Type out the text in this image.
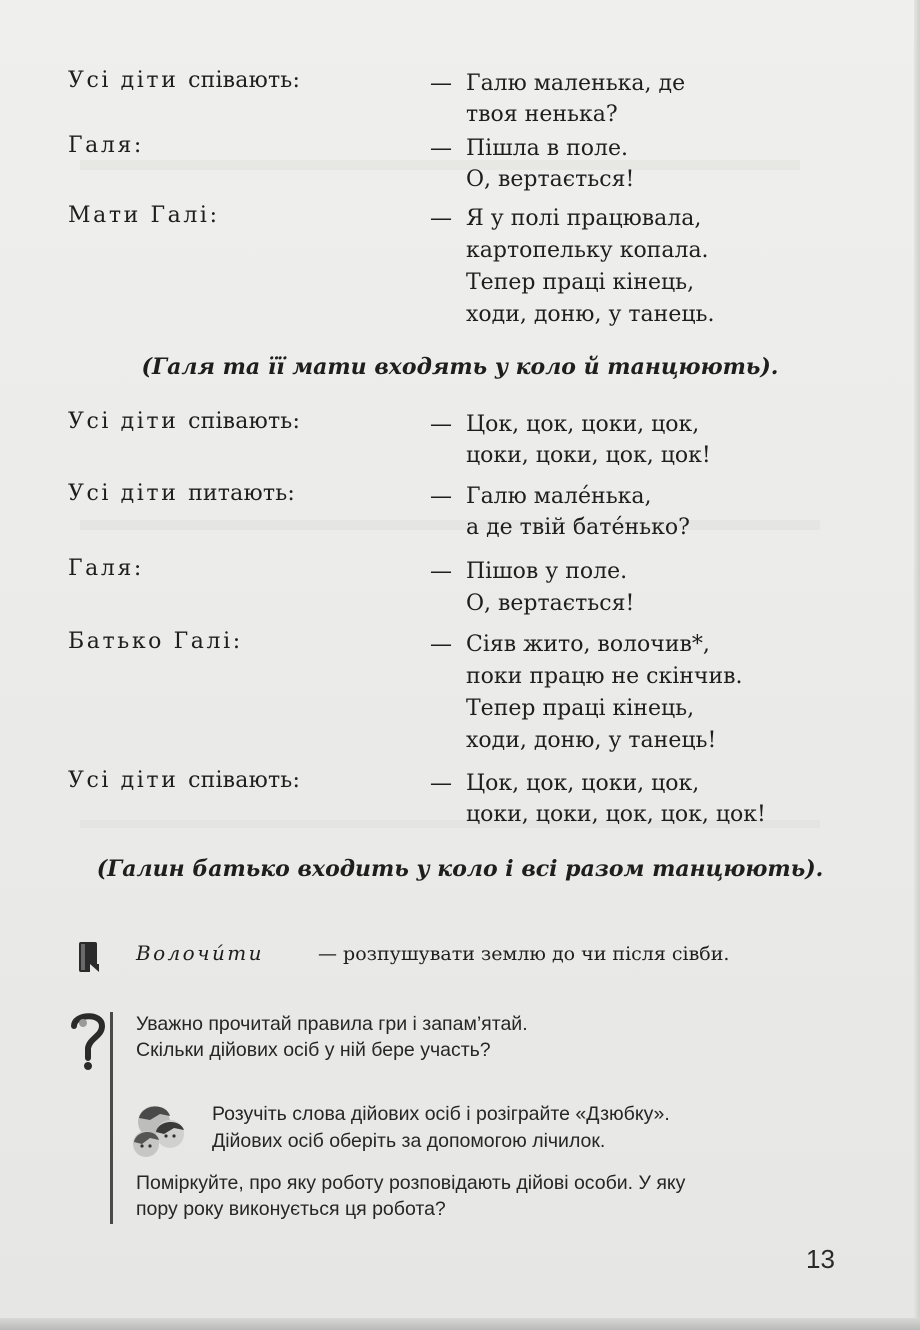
Усі діти співають:	— Галю маленька, де
твоя ненька?
Галя:	— Пішла в поле.
О, вертається!
Мати Галі:	— Я у полі працювала,
картопельку копала.
Тепер праці кінець,
ходи, доню, у танець.
(Галя та її мати входять у коло й танцюють).
Усі діти співають:	— Цок, цок, цоки, цок,
цоки, цоки, цок, цок!
Усі діти питають:	— Галю мале́нька,
а де твій бате́нько?
Галя:	— Пішов у поле.
О, вертається!
Батько Галі:	— Сіяв жито, волочив*,
поки працю не скінчив.
Тепер праці кінець,
ходи, доню, у танець!
Усі діти співають:	— Цок, цок, цоки, цок,
цоки, цоки, цок, цок, цок!
(Галин батько входить у коло і всі разом танцюють).
Волочи́ти	— розпушувати землю до чи після сівби.
Уважно прочитай правила гри і запам’ятай.
Скільки дійових осіб у ній бере участь?
Розучіть слова дійових осіб і розіграйте «Дзюбку».
Дійових осіб оберіть за допомогою лічилок.
Поміркуйте, про яку роботу розповідають дійові особи. У яку
пору року виконується ця робота?
13
